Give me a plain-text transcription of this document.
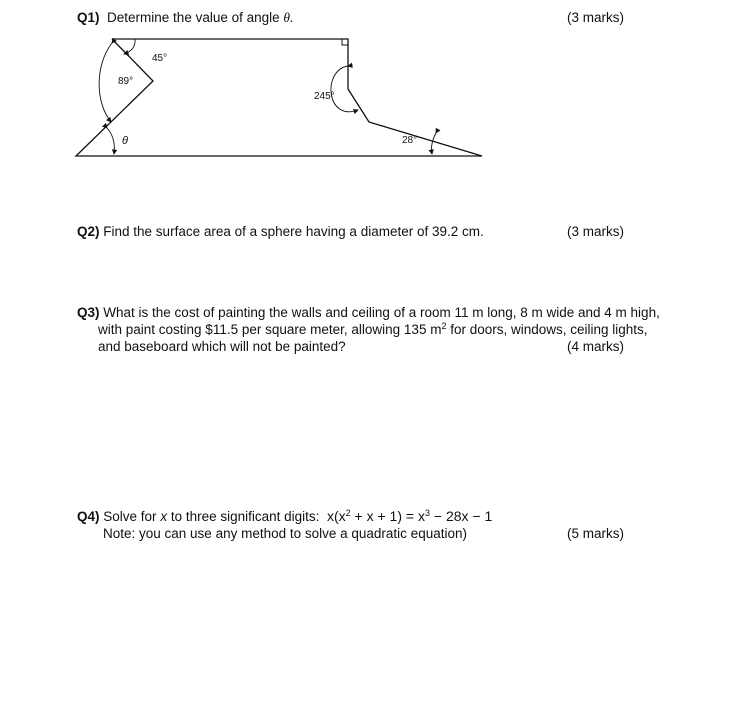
Q1) Determine the value of angle θ.	(3 marks)
45°
89°
245°
28°
θ
Q2) Find the surface area of a sphere having a diameter of 39.2 cm.	(3 marks)
Q3) What is the cost of painting the walls and ceiling of a room 11 m long, 8 m wide and 4 m high,
with paint costing $11.5 per square meter, allowing 135 $m^2$ for doors, windows, ceiling lights,
and baseboard which will not be painted?	(4 marks)
Q4) Solve for x to three significant digits: $x(x^2 + x + 1) = x^3 - 28x - 1$
Note: you can use any method to solve a quadratic equation)	(5 marks)
